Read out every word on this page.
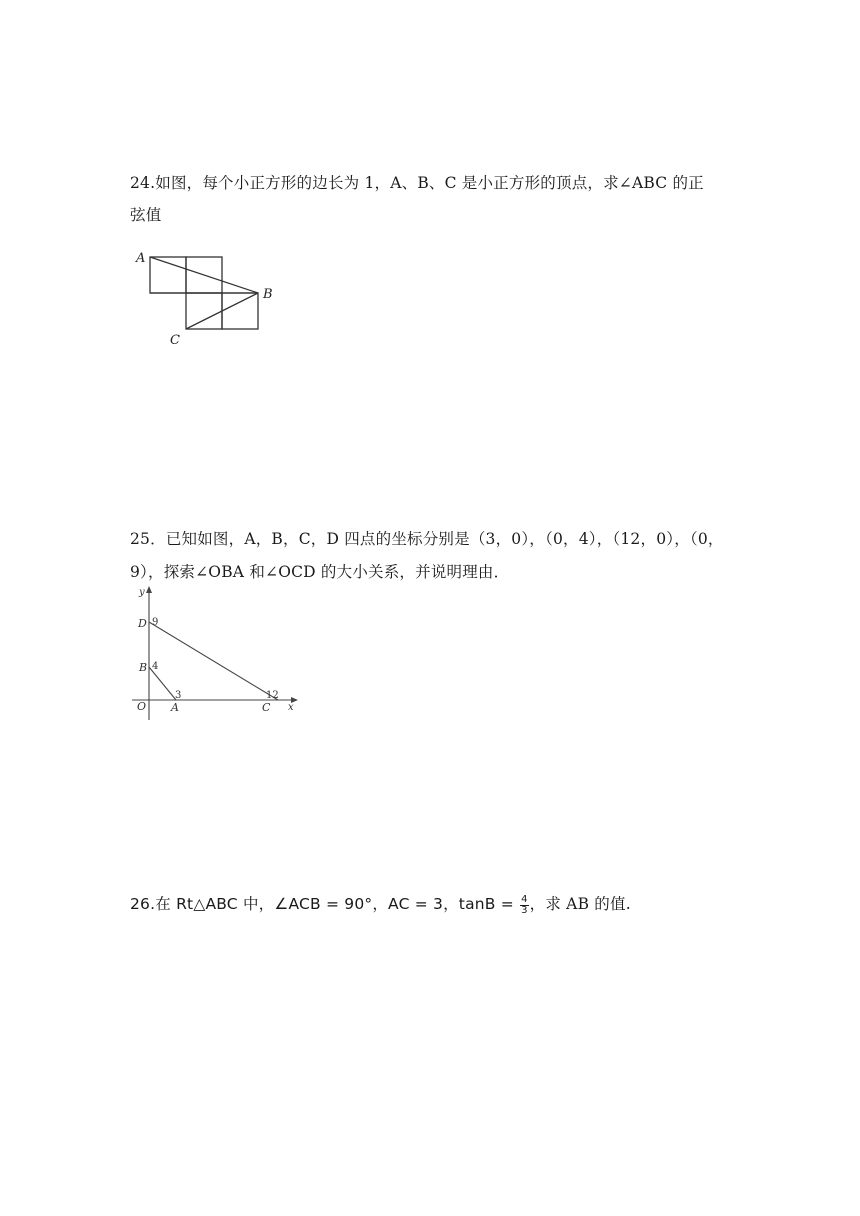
24.如图，每个小正方形的边长为 1，A、B、C 是小正方形的顶点，求∠ABC 的正
弦值
A
B
C
25．已知如图，A，B，C，D 四点的坐标分别是（3，0），（0，4），（12，0），（0，
9），探索∠OBA 和∠OCD 的大小关系，并说明理由．
y
x
D 9
B 4
O A
3
C
12
26.在 Rt△ABC 中，∠ACB = 90°，AC = 3，$\tan B = \frac{4}{3}$ ，求 AB 的值.
